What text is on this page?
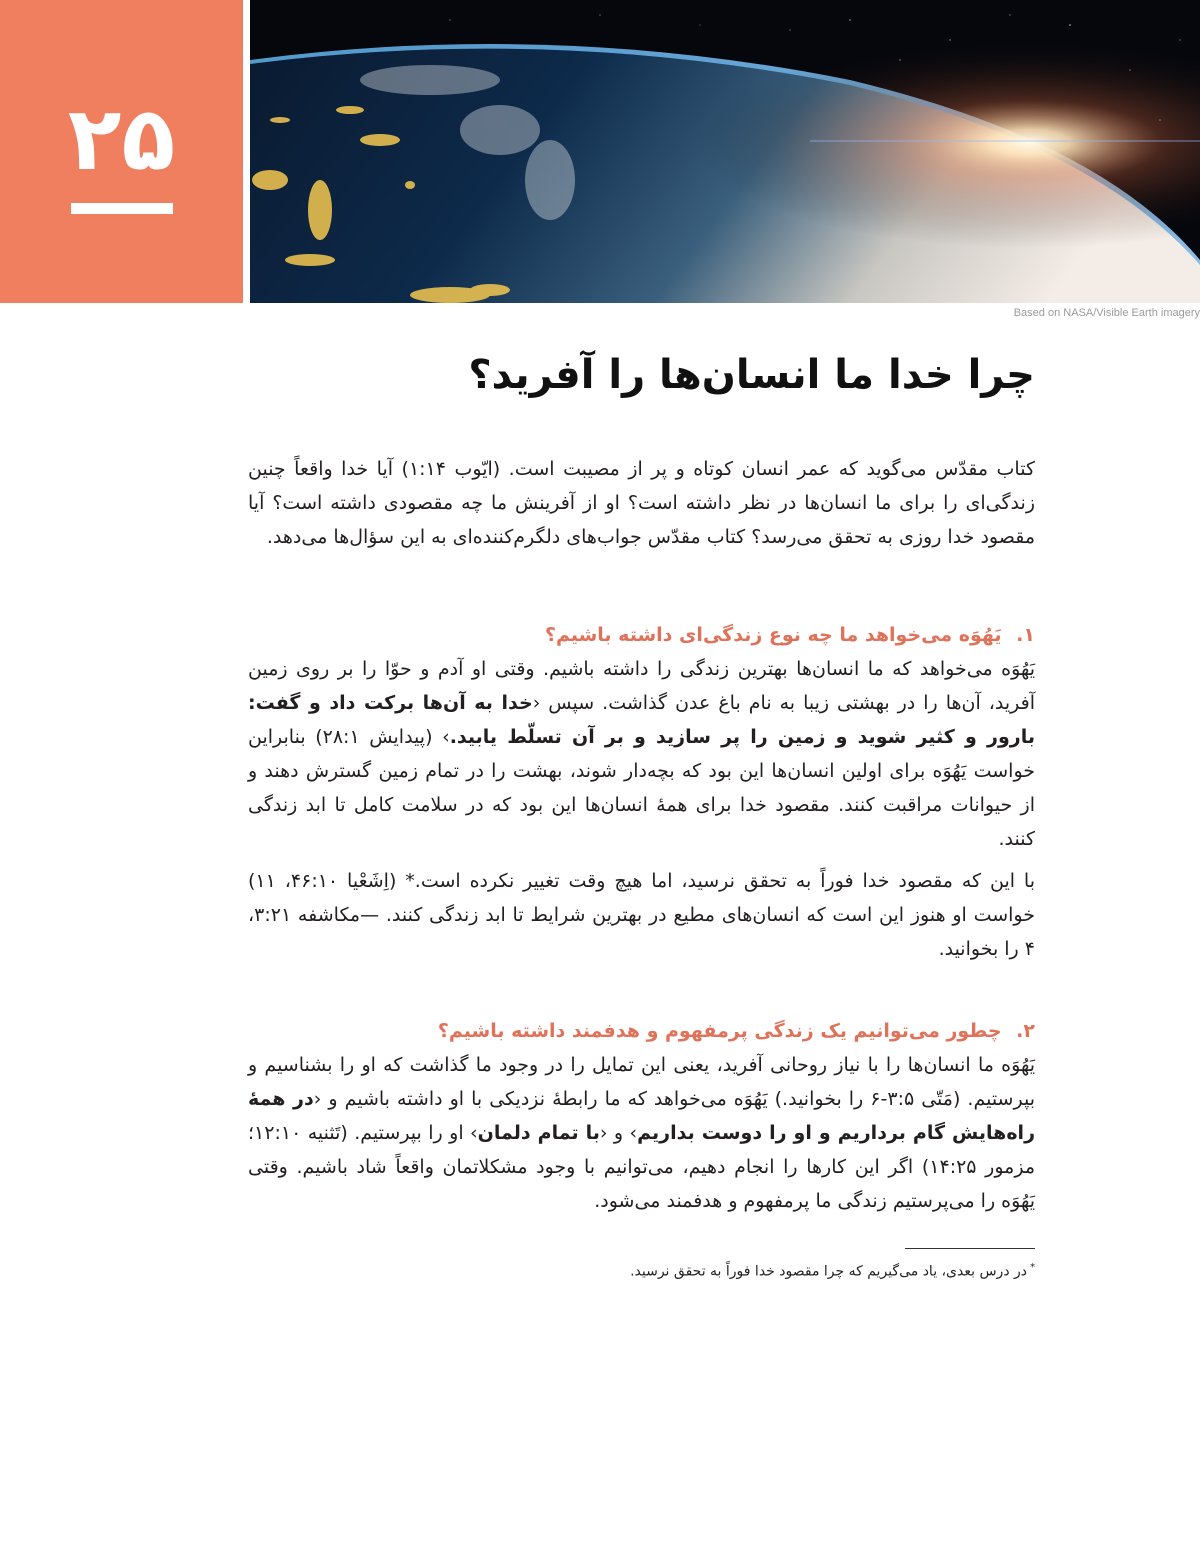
۲۵
Based on NASA/Visible Earth imagery
چرا خدا ما انسان‌ها را آفرید؟

کتاب مقدّس می‌گوید که عمر انسان کوتاه و پر از مصیبت است. (ایّوب ۱:۱۴) آیا خدا واقعاً چنین زندگی‌ای را برای ما انسان‌ها در نظر داشته است؟ او از آفرینش ما چه مقصودی داشته است؟ آیا مقصود خدا روزی به تحقق می‌رسد؟ کتاب مقدّس جواب‌های دلگرم‌کننده‌ای به این سؤال‌ها می‌دهد.

۱. یَهُوَه می‌خواهد ما چه نوع زندگی‌ای داشته باشیم؟

یَهُوَه می‌خواهد که ما انسان‌ها بهترین زندگی را داشته باشیم. وقتی او آدم و حوّا را بر روی زمین آفرید، آن‌ها را در بهشتی زیبا به نام باغ عدن گذاشت. سپس ‹خدا به آن‌ها برکت داد و گفت: بارور و کثیر شوید و زمین را پر سازید و بر آن تسلّط یابید.› (پیدایش ۲۸:۱) بنابراین خواست یَهُوَه برای اولین انسان‌ها این بود که بچه‌دار شوند، بهشت را در تمام زمین گسترش دهند و از حیوانات مراقبت کنند. مقصود خدا برای همهٔ انسان‌ها این بود که در سلامت کامل تا ابد زندگی کنند.

با این که مقصود خدا فوراً به تحقق نرسید، اما هیچ وقت تغییر نکرده است.* (اِشَعْیا ۴۶:۱۰، ۱۱) خواست او هنوز این است که انسان‌های مطیع در بهترین شرایط تا ابد زندگی کنند. —مکاشفه ۳:۲۱، ۴ را بخوانید.

۲. چطور می‌توانیم یک زندگی پرمفهوم و هدفمند داشته باشیم؟

یَهُوَه ما انسان‌ها را با نیاز روحانی آفرید، یعنی این تمایل را در وجود ما گذاشت که او را بشناسیم و بپرستیم. (مَتّی ۳:۵-۶ را بخوانید.) یَهُوَه می‌خواهد که ما رابطهٔ نزدیکی با او داشته باشیم و ‹در همهٔ راه‌هایش گام برداریم و او را دوست بداریم› و ‹با تمام دلمان› او را بپرستیم. (تَثنیه ۱۲:۱۰؛ مزمور ۱۴:۲۵) اگر این کارها را انجام دهیم، می‌توانیم با وجود مشکلاتمان واقعاً شاد باشیم. وقتی یَهُوَه را می‌پرستیم زندگی ما پرمفهوم و هدفمند می‌شود.

*در درس بعدی، یاد می‌گیریم که چرا مقصود خدا فوراً به تحقق نرسید.
